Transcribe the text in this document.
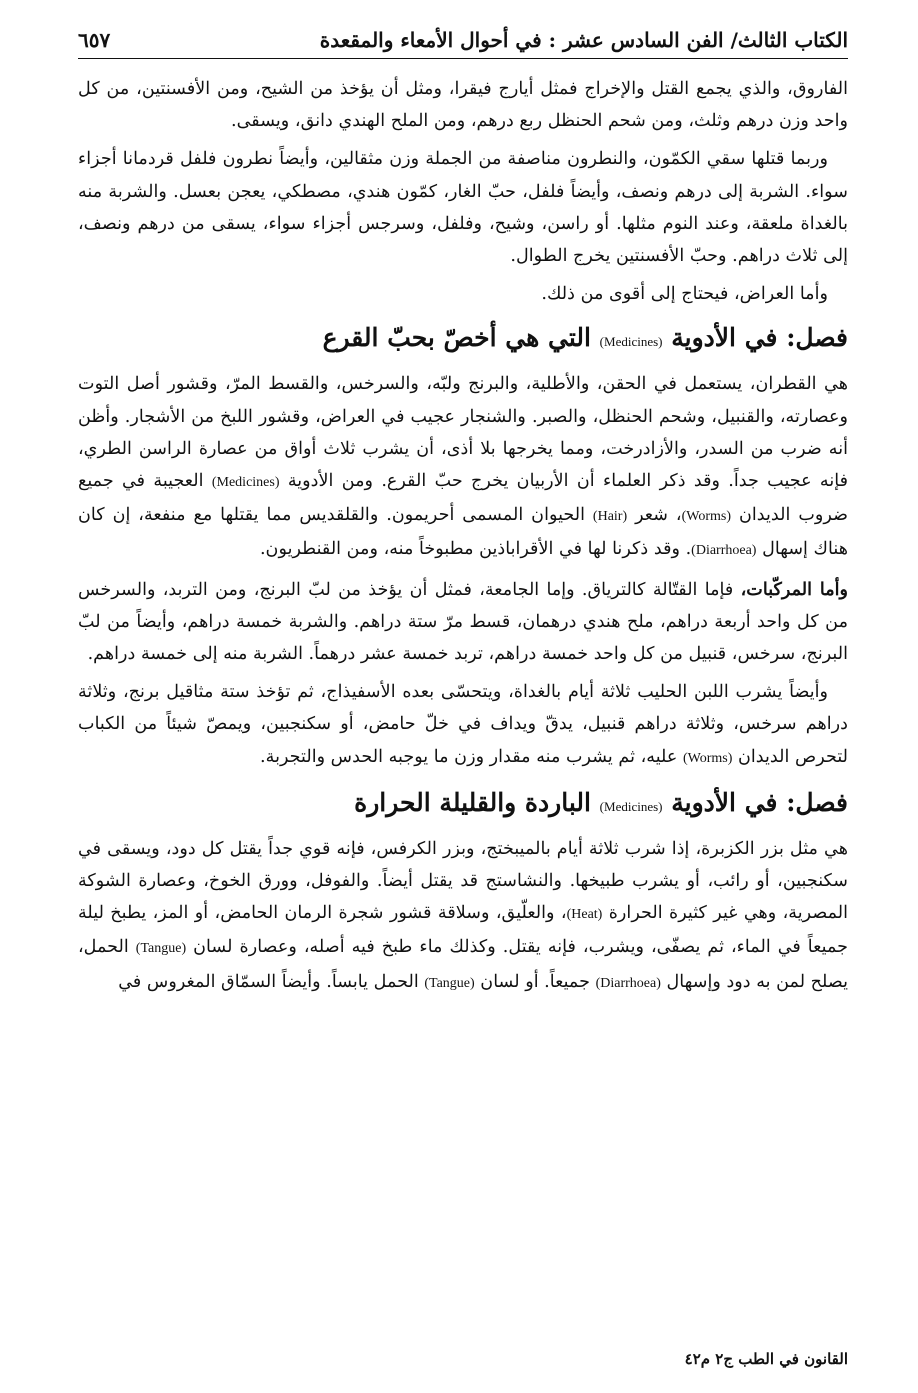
الكتاب الثالث/ الفن السادس عشر : في أحوال الأمعاء والمقعدة
٦٥٧

الفاروق، والذي يجمع القتل والإخراج فمثل أيارج فيقرا، ومثل أن يؤخذ من الشيح، ومن الأفسنتين، من كل واحد وزن درهم وثلث، ومن شحم الحنظل ربع درهم، ومن الملح الهندي دانق، ويسقى.

وربما قتلها سقي الكمّون، والنطرون مناصفة من الجملة وزن مثقالين، وأيضاً نطرون فلفل قردمانا أجزاء سواء. الشربة إلى درهم ونصف، وأيضاً فلفل، حبّ الغار، كمّون هندي، مصطكي، يعجن بعسل. والشربة منه بالغداة ملعقة، وعند النوم مثلها. أو راسن، وشيح، وفلفل، وسرجس أجزاء سواء، يسقى من درهم ونصف، إلى ثلاث دراهم. وحبّ الأفسنتين يخرج الطوال.

وأما العراض، فيحتاج إلى أقوى من ذلك.

فصل: في الأدوية (Medicines) التي هي أخصّ بحبّ القرع

هي القطران، يستعمل في الحقن، والأطلية، والبرنج ولبّه، والسرخس، والقسط المرّ، وقشور أصل التوت وعصارته، والقنبيل، وشحم الحنظل، والصبر. والشنجار عجيب في العراض، وقشور اللبخ من الأشجار. وأظن أنه ضرب من السدر، والأزادرخت، ومما يخرجها بلا أذى، أن يشرب ثلاث أواق من عصارة الراسن الطري، فإنه عجيب جداً. وقد ذكر العلماء أن الأربيان يخرج حبّ القرع. ومن الأدوية (Medicines) العجيبة في جميع ضروب الديدان (Worms)، شعر (Hair) الحيوان المسمى أحريمون. والقلقديس مما يقتلها مع منفعة، إن كان هناك إسهال (Diarrhoea). وقد ذكرنا لها في الأقراباذين مطبوخاً منه، ومن القنطريون.

وأما المركّبات، فإما القتّالة كالترياق. وإما الجامعة، فمثل أن يؤخذ من لبّ البرنج، ومن التربد، والسرخس من كل واحد أربعة دراهم، ملح هندي درهمان، قسط مرّ ستة دراهم. والشربة خمسة دراهم، وأيضاً من لبّ البرنج، سرخس، قنبيل من كل واحد خمسة دراهم، تربد خمسة عشر درهماً. الشربة منه إلى خمسة دراهم.

وأيضاً يشرب اللبن الحليب ثلاثة أيام بالغداة، ويتحسّى بعده الأسفيذاج، ثم تؤخذ ستة مثاقيل برنج، وثلاثة دراهم سرخس، وثلاثة دراهم قنبيل، يدقّ ويداف في خلّ حامض، أو سكنجبين، ويمصّ شيئاً من الكباب لتحرص الديدان (Worms) عليه، ثم يشرب منه مقدار وزن ما يوجبه الحدس والتجربة.

فصل: في الأدوية (Medicines) الباردة والقليلة الحرارة

هي مثل بزر الكزبرة، إذا شرب ثلاثة أيام بالميبختج، وبزر الكرفس، فإنه قوي جداً يقتل كل دود، ويسقى في سكنجبين، أو رائب، أو يشرب طبيخها. والنشاستج قد يقتل أيضاً. والفوفل، وورق الخوخ، وعصارة الشوكة المصرية، وهي غير كثيرة الحرارة (Heat)، والعلّيق، وسلاقة قشور شجرة الرمان الحامض، أو المز، يطبخ ليلة جميعاً في الماء، ثم يصفّى، ويشرب، فإنه يقتل. وكذلك ماء طبخ فيه أصله، وعصارة لسان (Tangue) الحمل، يصلح لمن به دود وإسهال (Diarrhoea) جميعاً. أو لسان (Tangue) الحمل يابساً. وأيضاً السمّاق المغروس في

القانون في الطب ج٢ م٤٢
